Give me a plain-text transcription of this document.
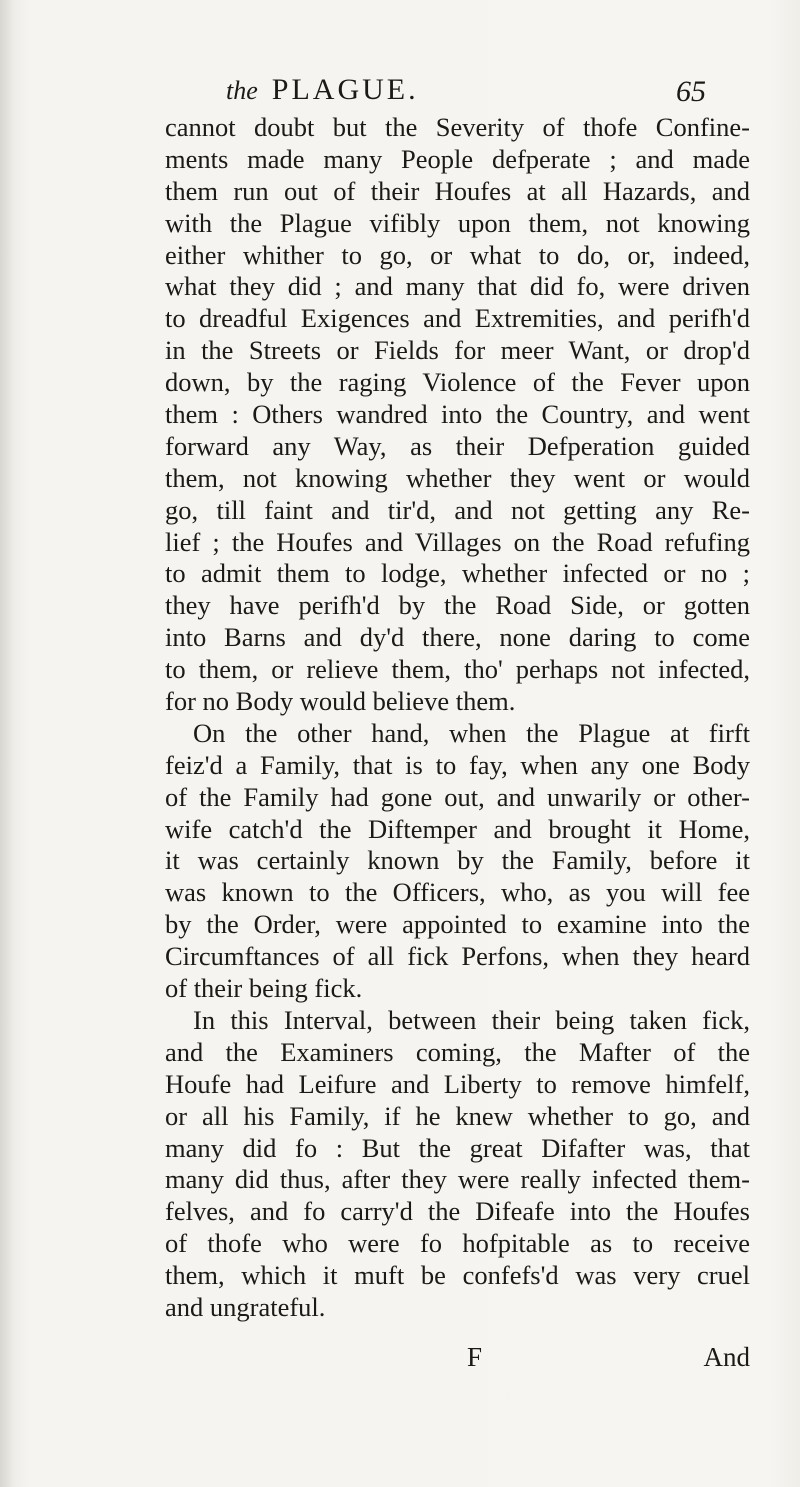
the PLAGUE.	65
cannot doubt but the Severity of thofe Confine-
ments made many People defperate ; and made
them run out of their Houfes at all Hazards, and
with the Plague vifibly upon them, not knowing
either whither to go, or what to do, or, indeed,
what they did ; and many that did fo, were driven
to dreadful Exigences and Extremities, and perifh'd
in the Streets or Fields for meer Want, or drop'd
down, by the raging Violence of the Fever upon
them : Others wandred into the Country, and went
forward any Way, as their Defperation guided
them, not knowing whether they went or would
go, till faint and tir'd, and not getting any Re-
lief ; the Houfes and Villages on the Road refufing
to admit them to lodge, whether infected or no ;
they have perifh'd by the Road Side, or gotten
into Barns and dy'd there, none daring to come
to them, or relieve them, tho' perhaps not infected,
for no Body would believe them.
On the other hand, when the Plague at firft
feiz'd a Family, that is to fay, when any one Body
of the Family had gone out, and unwarily or other-
wife catch'd the Diftemper and brought it Home,
it was certainly known by the Family, before it
was known to the Officers, who, as you will fee
by the Order, were appointed to examine into the
Circumftances of all fick Perfons, when they heard
of their being fick.
In this Interval, between their being taken fick,
and the Examiners coming, the Mafter of the
Houfe had Leifure and Liberty to remove himfelf,
or all his Family, if he knew whether to go, and
many did fo : But the great Difafter was, that
many did thus, after they were really infected them-
felves, and fo carry'd the Difeafe into the Houfes
of thofe who were fo hofpitable as to receive
them, which it muft be confefs'd was very cruel
and ungrateful.
F	And
